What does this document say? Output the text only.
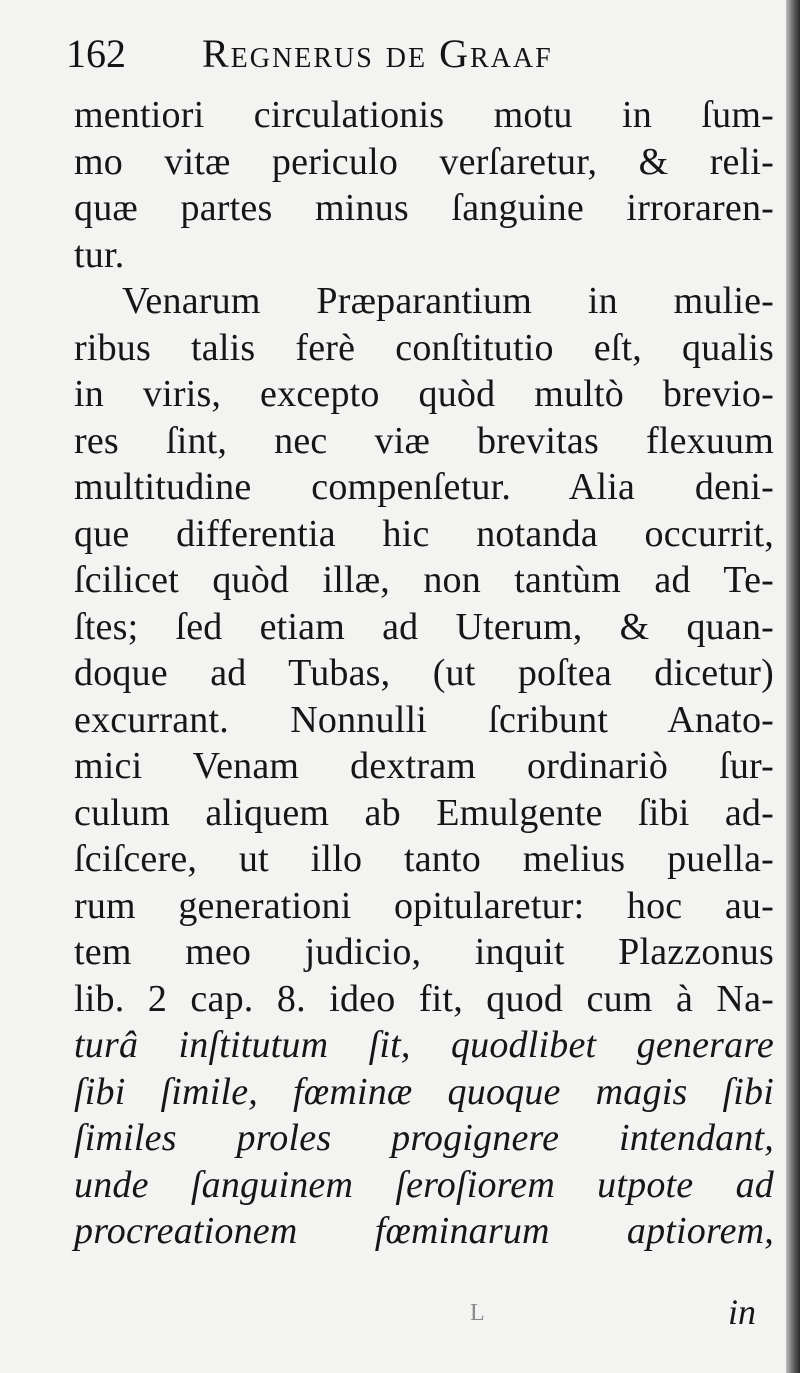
162 Regnerus de Graaf
mentiori circulationis motu in ſum-
mo vitæ periculo verſaretur, & reli-
quæ partes minus ſanguine irroraren-
tur.
Venarum Præparantium in mulie-
ribus talis ferè conſtitutio eſt, qualis
in viris, excepto quòd multò brevio-
res ſint, nec viæ brevitas flexuum
multitudine compenſetur. Alia deni-
que differentia hic notanda occurrit,
ſcilicet quòd illæ, non tantùm ad Te-
ſtes; ſed etiam ad Uterum, & quan-
doque ad Tubas, (ut poſtea dicetur)
excurrant. Nonnulli ſcribunt Anato-
mici Venam dextram ordinariò ſur-
culum aliquem ab Emulgente ſibi ad-
ſciſcere, ut illo tanto melius puella-
rum generationi opitularetur: hoc au-
tem meo judicio, inquit Plazzonus
lib. 2 cap. 8. ideo fit, quod cum à Na-
turâ inſtitutum ſit, quodlibet generare
ſibi ſimile, fœminæ quoque magis ſibi
ſimiles proles progignere intendant,
unde ſanguinem ſeroſiorem utpote ad
procreationem fœminarum aptiorem,
L	in
